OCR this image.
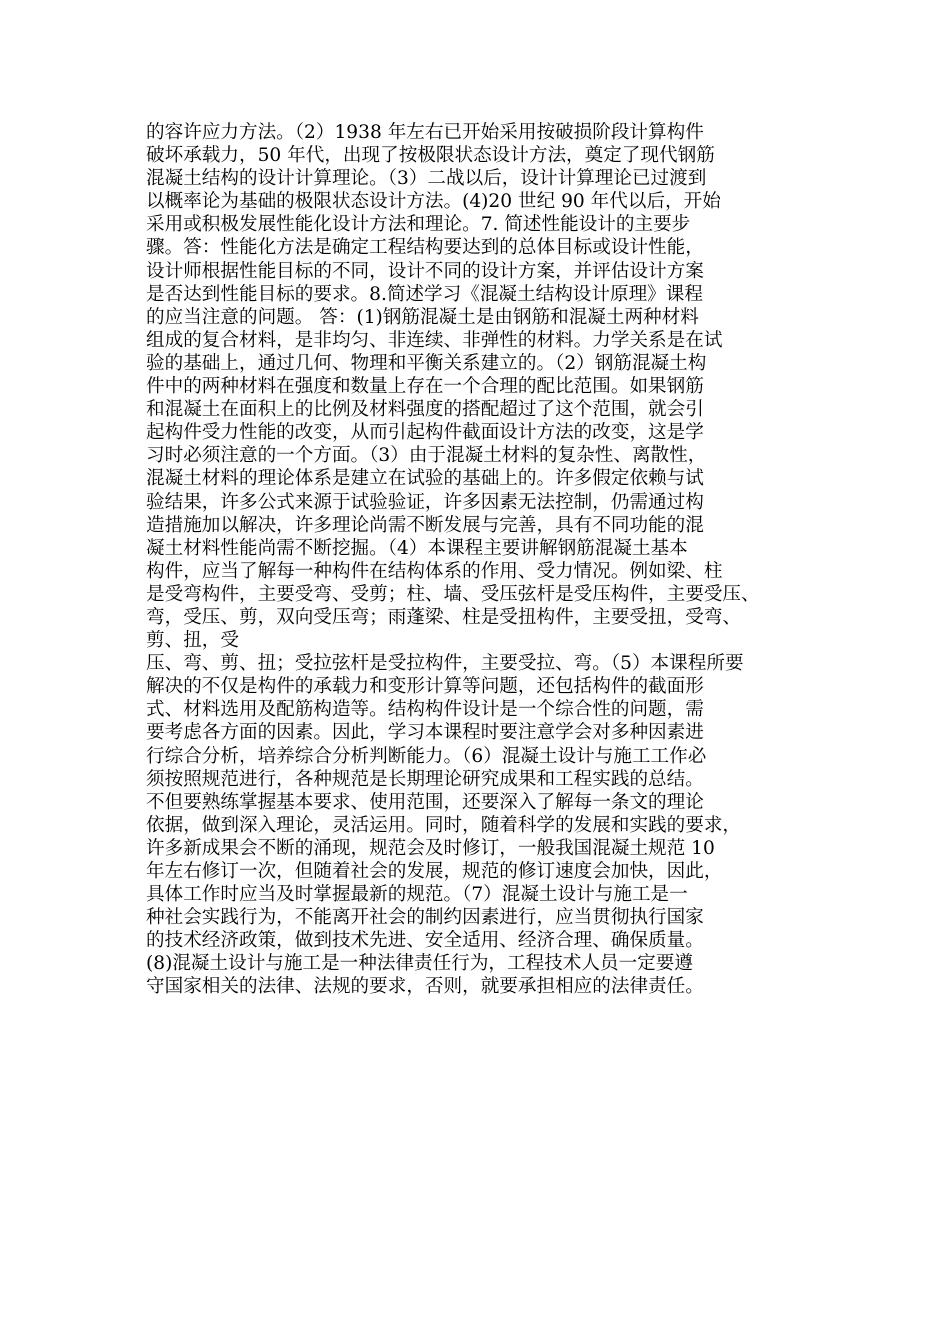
的容许应力方法。（2）1938 年左右已开始采用按破损阶段计算构件
破坏承载力，50 年代，出现了按极限状态设计方法，奠定了现代钢筋
混凝土结构的设计计算理论。（3）二战以后，设计计算理论已过渡到
以概率论为基础的极限状态设计方法。(4)20 世纪 90 年代以后，开始
采用或积极发展性能化设计方法和理论。7. 简述性能设计的主要步
骤。答：性能化方法是确定工程结构要达到的总体目标或设计性能，
设计师根据性能目标的不同，设计不同的设计方案，并评估设计方案
是否达到性能目标的要求。8.简述学习《混凝土结构设计原理》课程
的应当注意的问题。 答：(1)钢筋混凝土是由钢筋和混凝土两种材料
组成的复合材料，是非均匀、非连续、非弹性的材料。力学关系是在试
验的基础上，通过几何、物理和平衡关系建立的。（2）钢筋混凝土构
件中的两种材料在强度和数量上存在一个合理的配比范围。如果钢筋
和混凝土在面积上的比例及材料强度的搭配超过了这个范围，就会引
起构件受力性能的改变，从而引起构件截面设计方法的改变，这是学
习时必须注意的一个方面。（3）由于混凝土材料的复杂性、离散性，
混凝土材料的理论体系是建立在试验的基础上的。许多假定依赖与试
验结果，许多公式来源于试验验证，许多因素无法控制，仍需通过构
造措施加以解决，许多理论尚需不断发展与完善，具有不同功能的混
凝土材料性能尚需不断挖掘。（4）本课程主要讲解钢筋混凝土基本
构件，应当了解每一种构件在结构体系的作用、受力情况。例如梁、柱
是受弯构件，主要受弯、受剪；柱、墙、受压弦杆是受压构件，主要受压、
弯，受压、剪，双向受压弯；雨蓬梁、柱是受扭构件，主要受扭，受弯、
剪、扭，受
压、弯、剪、扭；受拉弦杆是受拉构件，主要受拉、弯。（5）本课程所要
解决的不仅是构件的承载力和变形计算等问题，还包括构件的截面形
式、材料选用及配筋构造等。结构构件设计是一个综合性的问题，需
要考虑各方面的因素。因此，学习本课程时要注意学会对多种因素进
行综合分析，培养综合分析判断能力。（6）混凝土设计与施工工作必
须按照规范进行，各种规范是长期理论研究成果和工程实践的总结。
不但要熟练掌握基本要求、使用范围，还要深入了解每一条文的理论
依据，做到深入理论，灵活运用。同时，随着科学的发展和实践的要求，
许多新成果会不断的涌现，规范会及时修订，一般我国混凝土规范 10
年左右修订一次，但随着社会的发展，规范的修订速度会加快，因此，
具体工作时应当及时掌握最新的规范。（7）混凝土设计与施工是一
种社会实践行为，不能离开社会的制约因素进行，应当贯彻执行国家
的技术经济政策，做到技术先进、安全适用、经济合理、确保质量。
(8)混凝土设计与施工是一种法律责任行为，工程技术人员一定要遵
守国家相关的法律、法规的要求，否则，就要承担相应的法律责任。
